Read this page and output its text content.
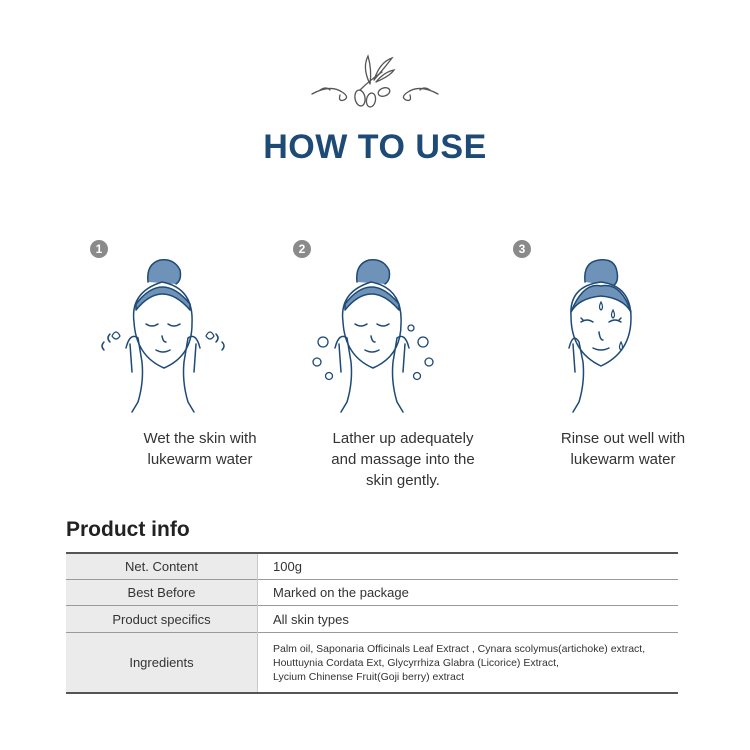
HOW TO USE
1
Wet the skin with
lukewarm water
2
Lather up adequately
and massage into the
skin gently.
3
Rinse out well with
lukewarm water
Product info
Net. Content	100g
Best Before	Marked on the package
Product specifics	All skin types
Ingredients	Palm oil, Saponaria Officinals Leaf Extract , Cynara scolymus(artichoke) extract,
Houttuynia Cordata Ext, Glycyrrhiza Glabra (Licorice) Extract,
Lycium Chinense Fruit(Goji berry) extract
